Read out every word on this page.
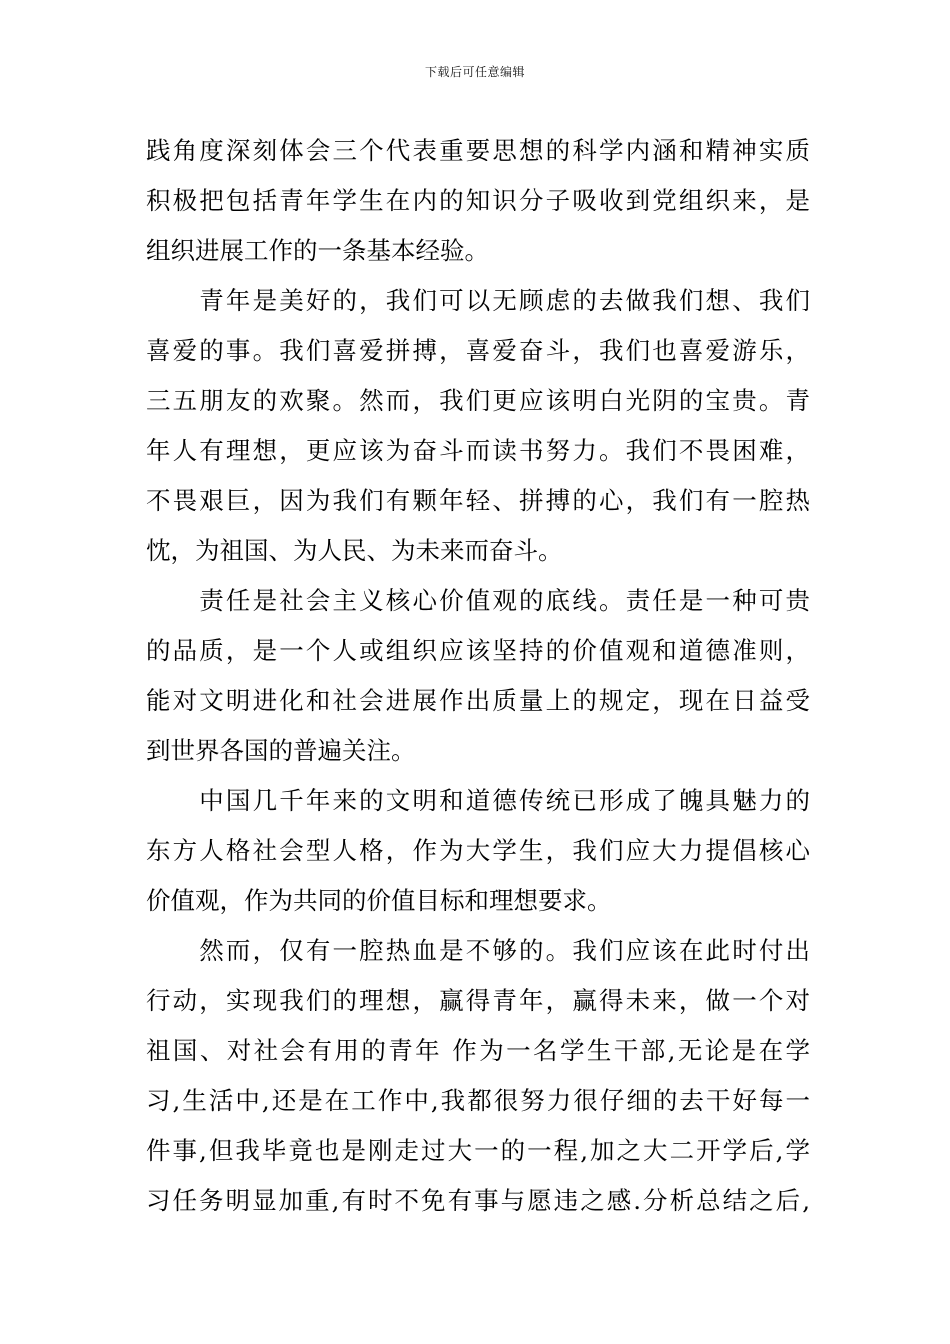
下载后可任意编辑
践角度深刻体会三个代表重要思想的科学内涵和精神实质
积极把包括青年学生在内的知识分子吸收到党组织来，是
组织进展工作的一条基本经验。
　　青年是美好的，我们可以无顾虑的去做我们想、我们
喜爱的事。我们喜爱拼搏，喜爱奋斗，我们也喜爱游乐，
三五朋友的欢聚。然而，我们更应该明白光阴的宝贵。青
年人有理想，更应该为奋斗而读书努力。我们不畏困难，
不畏艰巨，因为我们有颗年轻、拼搏的心，我们有一腔热
忱，为祖国、为人民、为未来而奋斗。
　　责任是社会主义核心价值观的底线。责任是一种可贵
的品质，是一个人或组织应该坚持的价值观和道德准则，
能对文明进化和社会进展作出质量上的规定，现在日益受
到世界各国的普遍关注。
　　中国几千年来的文明和道德传统已形成了魄具魅力的
东方人格社会型人格，作为大学生，我们应大力提倡核心
价值观，作为共同的价值目标和理想要求。
　　然而，仅有一腔热血是不够的。我们应该在此时付出
行动，实现我们的理想，赢得青年，赢得未来，做一个对
祖国、对社会有用的青年 作为一名学生干部,无论是在学
习,生活中,还是在工作中,我都很努力很仔细的去干好每一
件事,但我毕竟也是刚走过大一的一程,加之大二开学后,学
习任务明显加重,有时不免有事与愿违之感.分析总结之后,
